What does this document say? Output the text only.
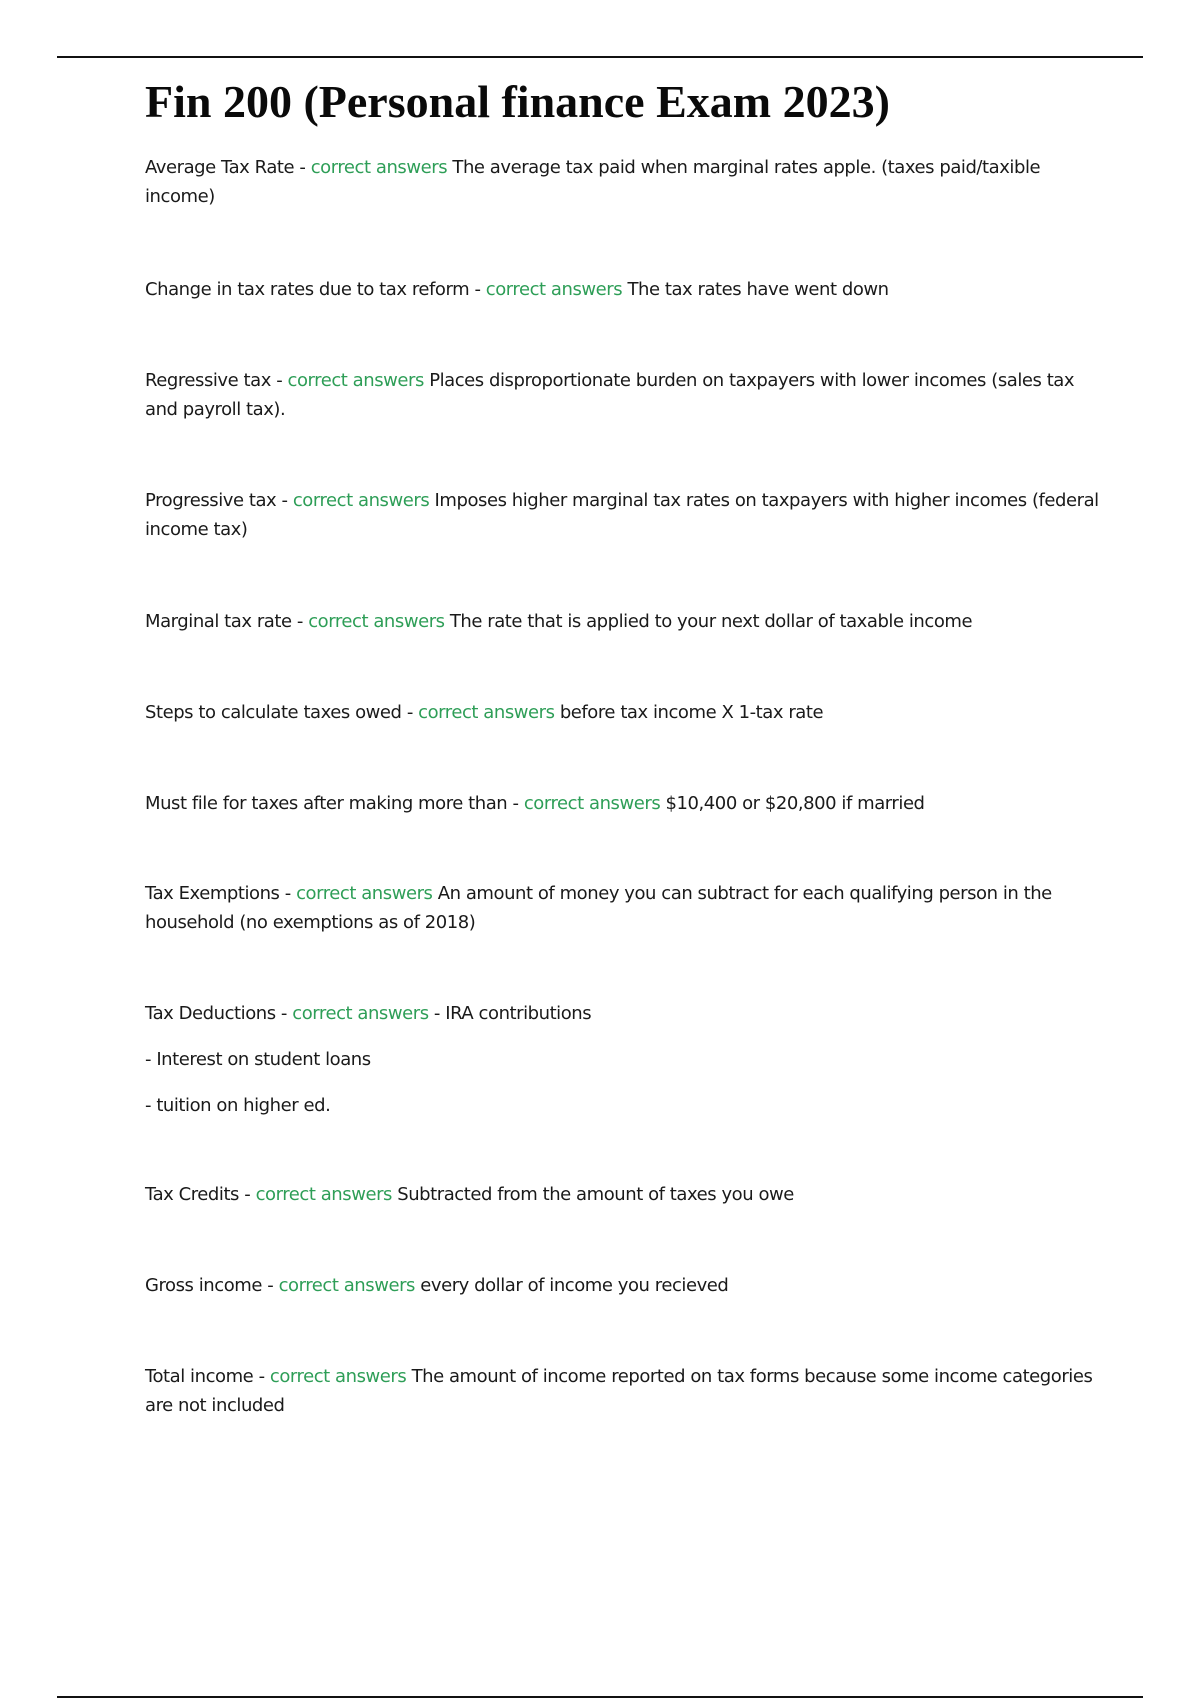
Fin 200 (Personal finance Exam 2023)

Average Tax Rate - correct answers The average tax paid when marginal rates apple. (taxes paid/taxible income)

Change in tax rates due to tax reform - correct answers The tax rates have went down

Regressive tax - correct answers Places disproportionate burden on taxpayers with lower incomes (sales tax and payroll tax).

Progressive tax - correct answers Imposes higher marginal tax rates on taxpayers with higher incomes (federal income tax)

Marginal tax rate - correct answers The rate that is applied to your next dollar of taxable income

Steps to calculate taxes owed - correct answers before tax income X 1-tax rate

Must file for taxes after making more than - correct answers $10,400 or $20,800 if married

Tax Exemptions - correct answers An amount of money you can subtract for each qualifying person in the household (no exemptions as of 2018)

Tax Deductions - correct answers - IRA contributions
- Interest on student loans
- tuition on higher ed.

Tax Credits - correct answers Subtracted from the amount of taxes you owe

Gross income - correct answers every dollar of income you recieved

Total income - correct answers The amount of income reported on tax forms because some income categories are not included
